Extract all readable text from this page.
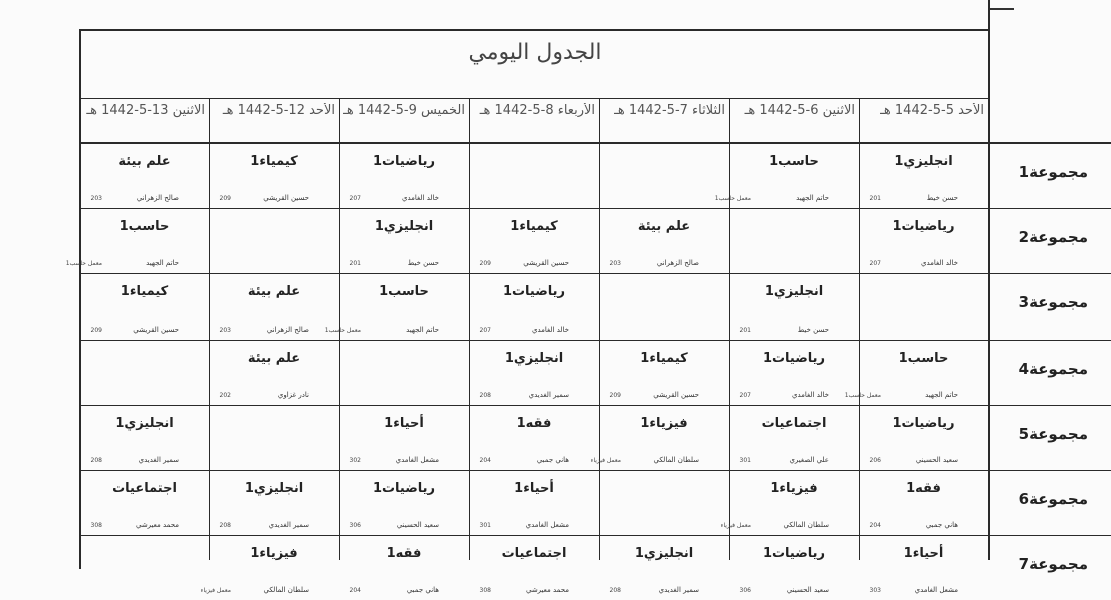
الجدول اليومي
الأحد 5-5-1442 هـ
الاثنين 6-5-1442 هـ
الثلاثاء 7-5-1442 هـ
الأربعاء 8-5-1442 هـ
الخميس 9-5-1442 هـ
الأحد 12-5-1442 هـ
الاثنين 13-5-1442 هـ
مجموعة1
مجموعة2
مجموعة3
مجموعة4
مجموعة5
مجموعة6
مجموعة7
انجليزي1
حسن خيط
201
حاسب1
حاتم الجهيد
معمل حاسب1
رياضيات1
خالد الغامدي
207
كيمياء1
حسين القريشي
209
علم بيئة
صالح الزهراني
203
رياضيات1
خالد الغامدي
207
علم بيئة
صالح الزهراني
203
كيمياء1
حسين القريشي
209
انجليزي1
حسن خيط
201
حاسب1
حاتم الجهيد
معمل حاسب1
انجليزي1
حسن خيط
201
رياضيات1
خالد الغامدي
207
حاسب1
حاتم الجهيد
معمل حاسب1
علم بيئة
صالح الزهراني
203
كيمياء1
حسين القريشي
209
حاسب1
حاتم الجهيد
معمل حاسب1
رياضيات1
خالد الغامدي
207
كيمياء1
حسين القريشي
209
انجليزي1
سمير الغديدي
208
علم بيئة
نادر غزاوي
202
رياضيات1
سعيد الحسيني
206
اجتماعيات
علي الصغيري
301
فيزياء1
سلطان المالكي
معمل فيزياء
فقه1
هاني جمبي
204
أحياء1
مشعل الغامدي
302
انجليزي1
سمير الغديدي
208
فقه1
هاني جمبي
204
فيزياء1
سلطان المالكي
معمل فيزياء
أحياء1
مشعل الغامدي
301
رياضيات1
سعيد الحسيني
306
انجليزي1
سمير الغديدي
208
اجتماعيات
محمد معيرشي
308
أحياء1
مشعل الغامدي
303
رياضيات1
سعيد الحسيني
306
انجليزي1
سمير الغديدي
208
اجتماعيات
محمد معيرشي
308
فقه1
هاني جمبي
204
فيزياء1
سلطان المالكي
معمل فيزياء
